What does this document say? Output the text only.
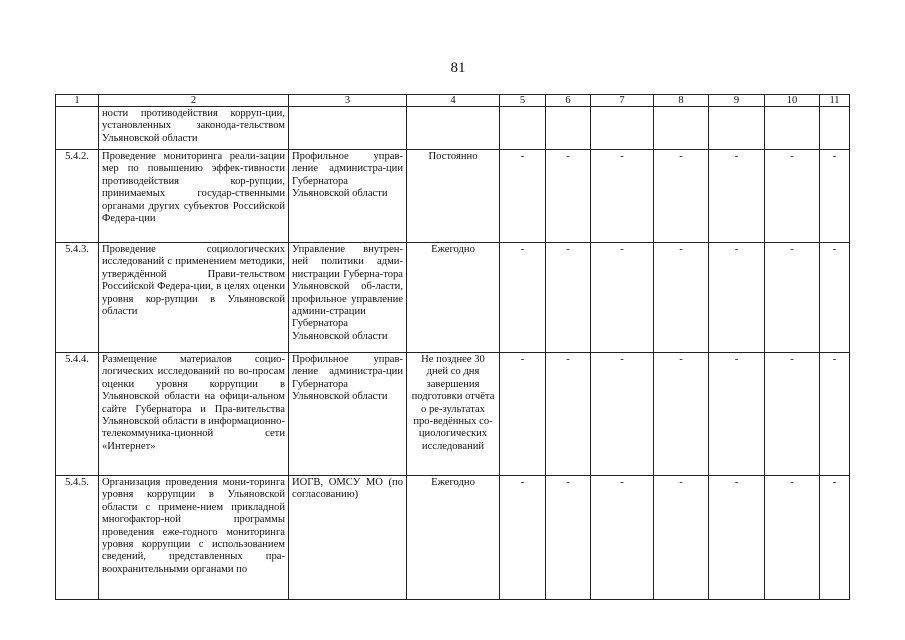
81
1	2	3	4	5	6	7	8	9	10	11
	ности противодействия корруп-ции, установленных законода-тельством Ульяновской области									
5.4.2.	Проведение мониторинга реали-зации мер по повышению эффек-тивности противодействия кор-рупции, принимаемых государ-ственными органами других субъектов Российской Федера-ции	Профильное управ-ление администра-ции Губернатора Ульяновской области	Постоянно	-	-	-	-	-	-	-
5.4.3.	Проведение социологических исследований с применением методики, утверждённой Прави-тельством Российской Федера-ции, в целях оценки уровня кор-рупции в Ульяновской области	Управление внутрен-ней политики адми-нистрации Губерна-тора Ульяновской об-ласти, профильное управление админи-страции Губернатора Ульяновской области	Ежегодно	-	-	-	-	-	-	-
5.4.4.	Размещение материалов социо-логических исследований по во-просам оценки уровня коррупции в Ульяновской области на офици-альном сайте Губернатора и Пра-вительства Ульяновской области в информационно-телекоммуника-ционной сети «Интернет»	Профильное управ-ление администра-ции Губернатора Ульяновской области	Не позднее 30 дней со дня завершения подготовки отчёта о ре-зультатах про-ведённых со-циологических исследований	-	-	-	-	-	-	-
5.4.5.	Организация проведения мони-торинга уровня коррупции в Ульяновской области с примене-нием прикладной многофактор-ной программы проведения еже-годного мониторинга уровня коррупции с использованием сведений, представленных пра-воохранительными органами по	ИОГВ, ОМСУ МО (по согласованию)	Ежегодно	-	-	-	-	-	-	-
